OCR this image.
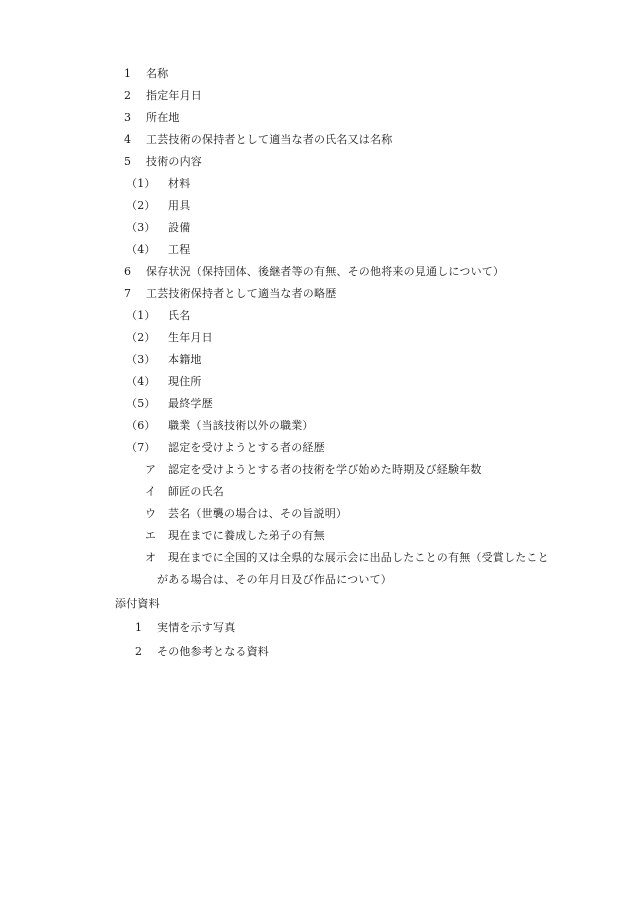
1 名称
2 指定年月日
3 所在地
4 工芸技術の保持者として適当な者の氏名又は名称
5 技術の内容
（1） 材料
（2） 用具
（3） 設備
（4） 工程
6 保存状況（保持団体、後継者等の有無、その他将来の見通しについて）
7 工芸技術保持者として適当な者の略歴
（1） 氏名
（2） 生年月日
（3） 本籍地
（4） 現住所
（5） 最終学歴
（6） 職業（当該技術以外の職業）
（7） 認定を受けようとする者の経歴
ア 認定を受けようとする者の技術を学び始めた時期及び経験年数
イ 師匠の氏名
ウ 芸名（世襲の場合は、その旨説明）
エ 現在までに養成した弟子の有無
オ 現在までに全国的又は全県的な展示会に出品したことの有無（受賞したこと
がある場合は、その年月日及び作品について）
添付資料
1 実情を示す写真
2 その他参考となる資料
